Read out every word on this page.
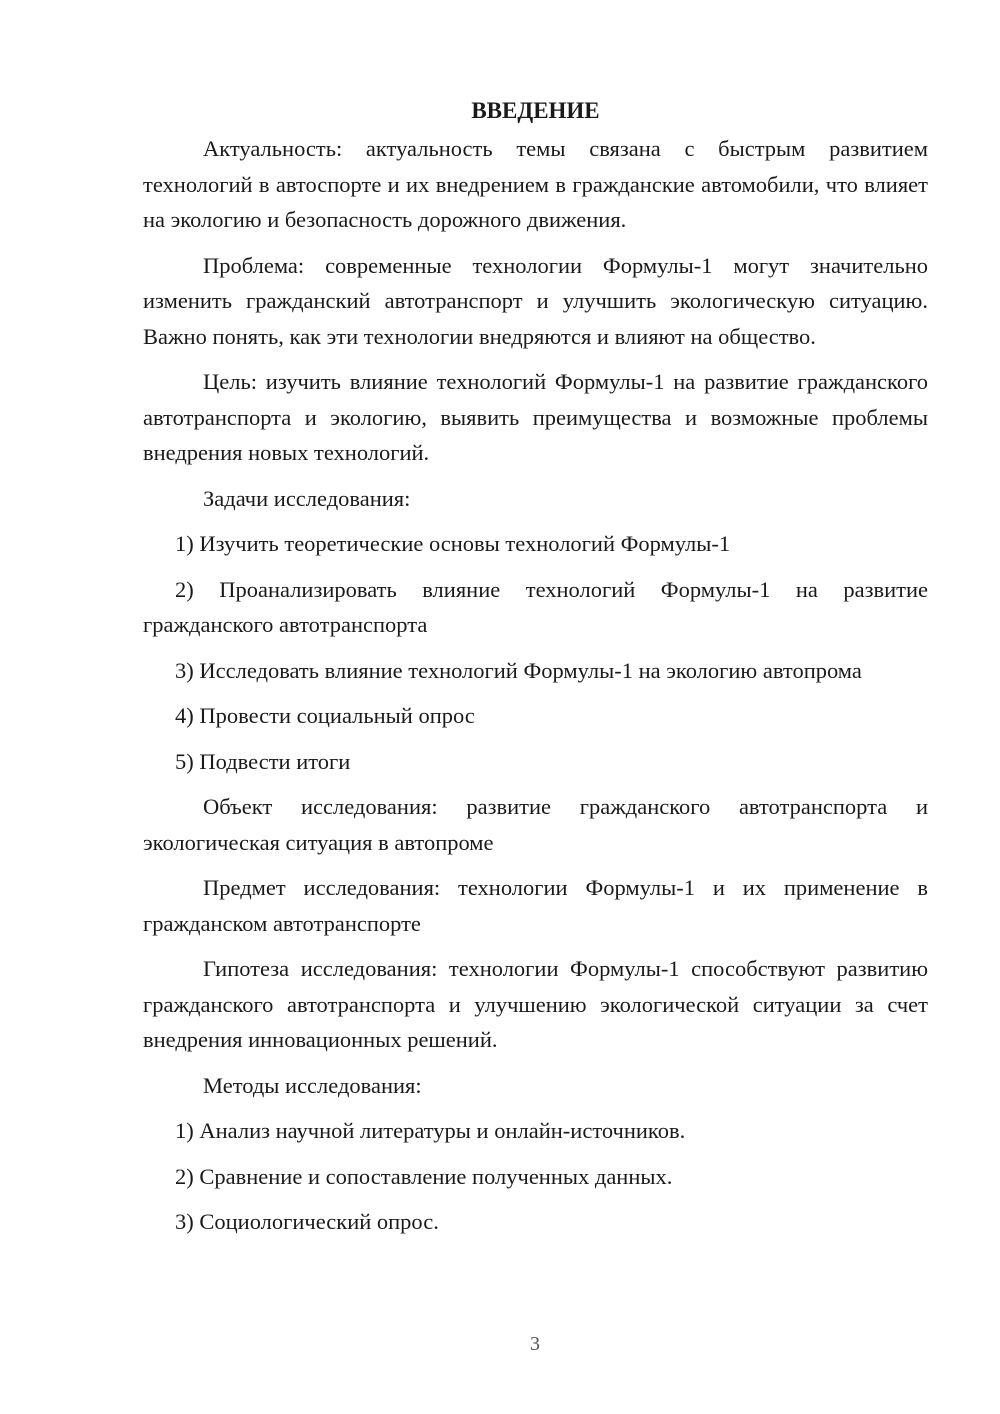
ВВЕДЕНИЕ

Актуальность: актуальность темы связана с быстрым развитием технологий в автоспорте и их внедрением в гражданские автомобили, что влияет на экологию и безопасность дорожного движения.

Проблема: современные технологии Формулы-1 могут значительно изменить гражданский автотранспорт и улучшить экологическую ситуацию. Важно понять, как эти технологии внедряются и влияют на общество.

Цель: изучить влияние технологий Формулы-1 на развитие гражданского автотранспорта и экологию, выявить преимущества и возможные проблемы внедрения новых технологий.

Задачи исследования:

1) Изучить теоретические основы технологий Формулы-1

2) Проанализировать влияние технологий Формулы-1 на развитие гражданского автотранспорта

3) Исследовать влияние технологий Формулы-1 на экологию автопрома

4) Провести социальный опрос

5) Подвести итоги

Объект исследования: развитие гражданского автотранспорта и экологическая ситуация в автопроме

Предмет исследования: технологии Формулы-1 и их применение в гражданском автотранспорте

Гипотеза исследования: технологии Формулы-1 способствуют развитию гражданского автотранспорта и улучшению экологической ситуации за счет внедрения инновационных решений.

Методы исследования:

1) Анализ научной литературы и онлайн-источников.

2) Сравнение и сопоставление полученных данных.

3) Социологический опрос.

3
